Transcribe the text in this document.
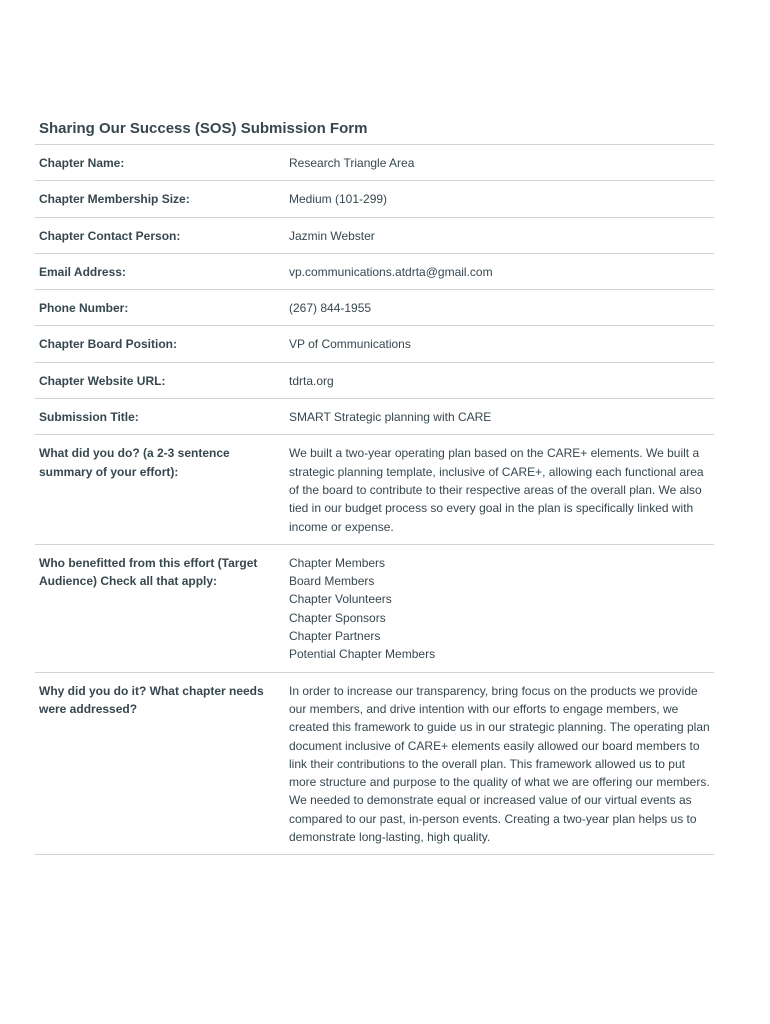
Sharing Our Success (SOS) Submission Form
Chapter Name:	Research Triangle Area
Chapter Membership Size:	Medium (101-299)
Chapter Contact Person:	Jazmin Webster
Email Address:	vp.communications.atdrta@gmail.com
Phone Number:	(267) 844-1955
Chapter Board Position:	VP of Communications
Chapter Website URL:	tdrta.org
Submission Title:	SMART Strategic planning with CARE
What did you do? (a 2-3 sentence summary of your effort):
We built a two-year operating plan based on the CARE+ elements. We built a strategic planning template, inclusive of CARE+, allowing each functional area of the board to contribute to their respective areas of the overall plan. We also tied in our budget process so every goal in the plan is specifically linked with income or expense.
Who benefitted from this effort (Target Audience) Check all that apply:
Chapter Members
Board Members
Chapter Volunteers
Chapter Sponsors
Chapter Partners
Potential Chapter Members
Why did you do it? What chapter needs were addressed?
In order to increase our transparency, bring focus on the products we provide our members, and drive intention with our efforts to engage members, we created this framework to guide us in our strategic planning. The operating plan document inclusive of CARE+ elements easily allowed our board members to link their contributions to the overall plan. This framework allowed us to put more structure and purpose to the quality of what we are offering our members. We needed to demonstrate equal or increased value of our virtual events as compared to our past, in-person events. Creating a two-year plan helps us to demonstrate long-lasting, high quality.
